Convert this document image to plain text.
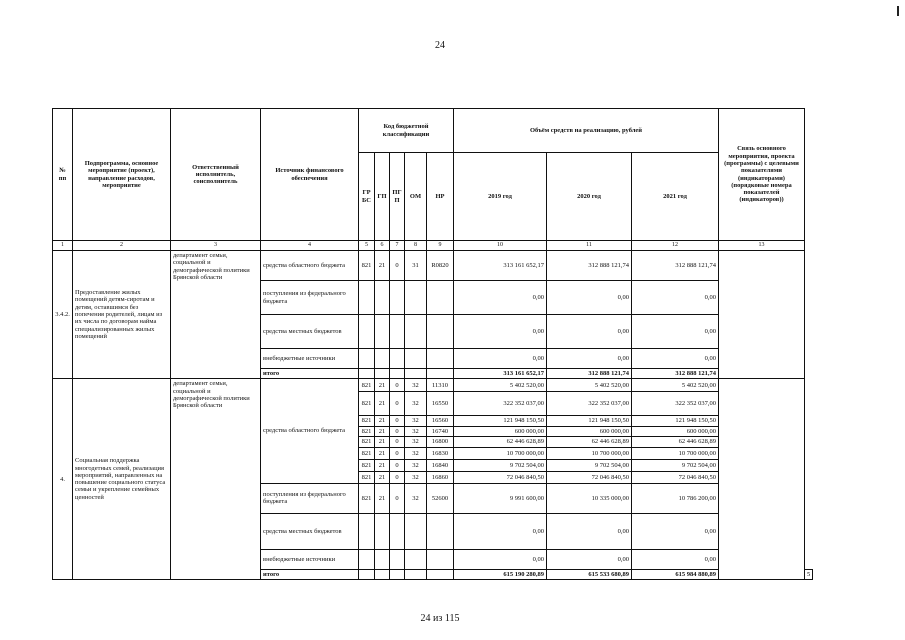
24
№ пп	Подпрограмма, основное мероприятие (проект), направление расходов, мероприятие	Ответственный исполнитель, соисполнитель	Источник финансового обеспечения	Код бюджетной классификации					Объём средств на реализацию, рублей			Связь основного мероприятия, проекта (программы) с целевыми показателями (индикаторами) (порядковые номера показателей (индикаторов))	
				ГРБС	ГП	ПГП	ОМ	НР	2019 год	2020 год	2021 год		
1	2	3	4	5	6	7	8	9	10	11	12	13	
3.4.2.	Предоставление жилых помещений детям-сиротам и детям, оставшимся без попечения родителей, лицам из их числа по договорам найма специализированных жилых помещений	департамент семьи, социальной и демографической политики Брянской области	средства областного бюджета	821	21	0	31	R0820	313 161 652,17	312 888 121,74	312 888 121,74		
			поступления из федерального бюджета						0,00	0,00	0,00		
			средства местных бюджетов						0,00	0,00	0,00		
			внебюджетные источники						0,00	0,00	0,00		
			итого						313 161 652,17	312 888 121,74	312 888 121,74		
4.	Социальная поддержка многодетных семей, реализация мероприятий, направленных на повышение социального статуса семьи и укрепление семейных ценностей	департамент семьи, социальной и демографической политики Брянской области	средства областного бюджета	821	21	0	32	11310	5 402 520,00	5 402 520,00	5 402 520,00		
				821	21	0	32	16550	322 352 037,00	322 352 037,00	322 352 037,00		
				821	21	0	32	16560	121 948 150,50	121 948 150,50	121 948 150,50		
				821	21	0	32	16740	600 000,00	600 000,00	600 000,00		
				821	21	0	32	16800	62 446 628,89	62 446 628,89	62 446 628,89		
				821	21	0	32	16830	10 700 000,00	10 700 000,00	10 700 000,00		
				821	21	0	32	16840	9 702 504,00	9 702 504,00	9 702 504,00		
				821	21	0	32	16860	72 046 840,50	72 046 840,50	72 046 840,50		
			поступления из федерального бюджета	821	21	0	32	52600	9 991 600,00	10 335 000,00	10 786 200,00		
			средства местных бюджетов						0,00	0,00	0,00		
			внебюджетные источники						0,00	0,00	0,00		
			итого						615 190 280,89	615 533 680,89	615 984 880,89		5
24 из 115
